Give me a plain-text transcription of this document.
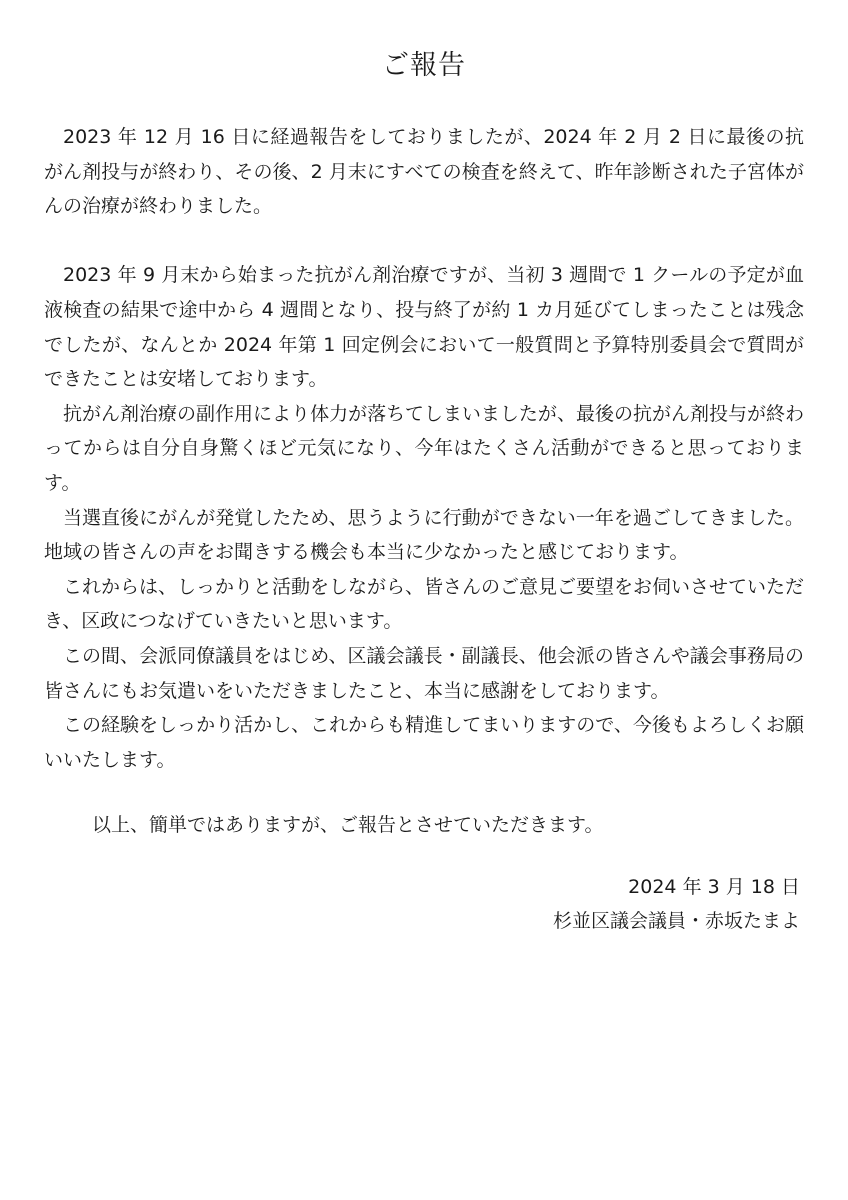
ご報告

2023 年 12 月 16 日に経過報告をしておりましたが、2024 年 2 月 2 日に最後の抗がん剤投与が終わり、その後、2 月末にすべての検査を終えて、昨年診断された子宮体がんの治療が終わりました。

2023 年 9 月末から始まった抗がん剤治療ですが、当初 3 週間で 1 クールの予定が血液検査の結果で途中から 4 週間となり、投与終了が約 1 カ月延びてしまったことは残念でしたが、なんとか 2024 年第 1 回定例会において一般質問と予算特別委員会で質問ができたことは安堵しております。

抗がん剤治療の副作用により体力が落ちてしまいましたが、最後の抗がん剤投与が終わってからは自分自身驚くほど元気になり、今年はたくさん活動ができると思っております。

当選直後にがんが発覚したため、思うように行動ができない一年を過ごしてきました。地域の皆さんの声をお聞きする機会も本当に少なかったと感じております。

これからは、しっかりと活動をしながら、皆さんのご意見ご要望をお伺いさせていただき、区政につなげていきたいと思います。

この間、会派同僚議員をはじめ、区議会議長・副議長、他会派の皆さんや議会事務局の皆さんにもお気遣いをいただきましたこと、本当に感謝をしております。

この経験をしっかり活かし、これからも精進してまいりますので、今後もよろしくお願いいたします。

以上、簡単ではありますが、ご報告とさせていただきます。
2024 年 3 月 18 日
杉並区議会議員・赤坂たまよ
